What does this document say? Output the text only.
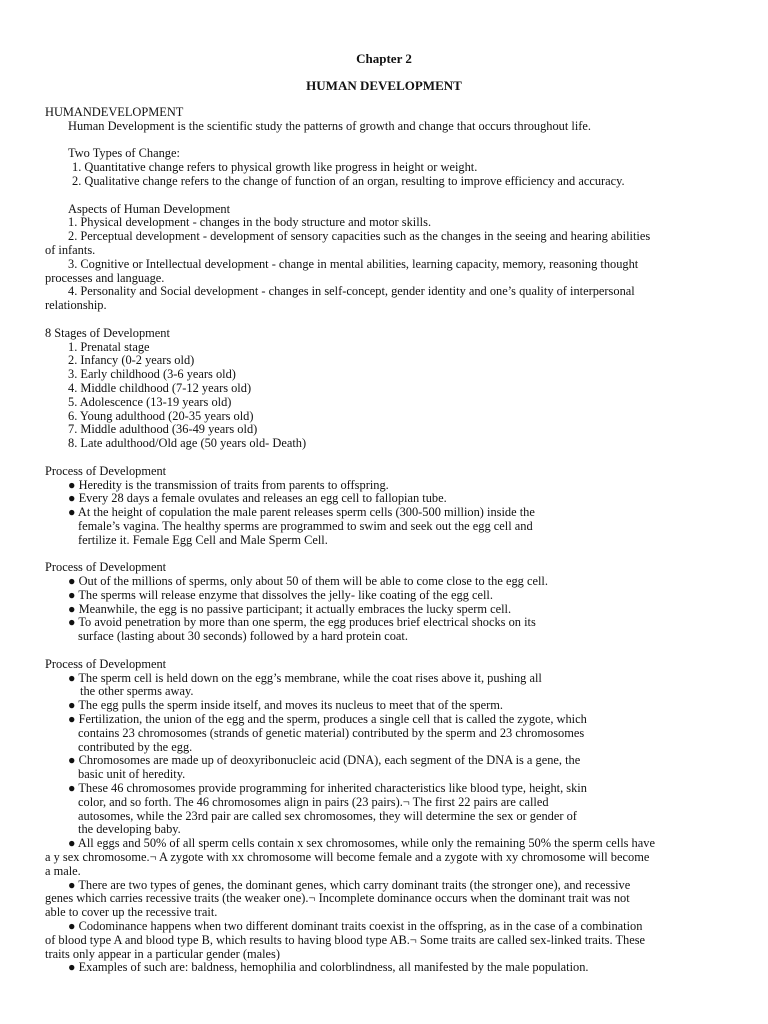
Chapter 2
HUMAN DEVELOPMENT
HUMANDEVELOPMENT
Human Development is the scientific study the patterns of growth and change that occurs throughout life.
Two Types of Change:
1. Quantitative change refers to physical growth like progress in height or weight.
2. Qualitative change refers to the change of function of an organ, resulting to improve efficiency and accuracy.
Aspects of Human Development
1. Physical development - changes in the body structure and motor skills.
2. Perceptual development - development of sensory capacities such as the changes in the seeing and hearing abilities
of infants.
3. Cognitive or Intellectual development - change in mental abilities, learning capacity, memory, reasoning thought
processes and language.
4. Personality and Social development - changes in self-concept, gender identity and one’s quality of interpersonal
relationship.
8 Stages of Development
1. Prenatal stage
2. Infancy (0-2 years old)
3. Early childhood (3-6 years old)
4. Middle childhood (7-12 years old)
5. Adolescence (13-19 years old)
6. Young adulthood (20-35 years old)
7. Middle adulthood (36-49 years old)
8. Late adulthood/Old age (50 years old- Death)
Process of Development
● Heredity is the transmission of traits from parents to offspring.
● Every 28 days a female ovulates and releases an egg cell to fallopian tube.
● At the height of copulation the male parent releases sperm cells (300-500 million) inside the
female’s vagina. The healthy sperms are programmed to swim and seek out the egg cell and
fertilize it. Female Egg Cell and Male Sperm Cell.
Process of Development
● Out of the millions of sperms, only about 50 of them will be able to come close to the egg cell.
● The sperms will release enzyme that dissolves the jelly- like coating of the egg cell.
● Meanwhile, the egg is no passive participant; it actually embraces the lucky sperm cell.
● To avoid penetration by more than one sperm, the egg produces brief electrical shocks on its
surface (lasting about 30 seconds) followed by a hard protein coat.
Process of Development
● The sperm cell is held down on the egg’s membrane, while the coat rises above it, pushing all
the other sperms away.
● The egg pulls the sperm inside itself, and moves its nucleus to meet that of the sperm.
● Fertilization, the union of the egg and the sperm, produces a single cell that is called the zygote, which
contains 23 chromosomes (strands of genetic material) contributed by the sperm and 23 chromosomes
contributed by the egg.
● Chromosomes are made up of deoxyribonucleic acid (DNA), each segment of the DNA is a gene, the
basic unit of heredity.
● These 46 chromosomes provide programming for inherited characteristics like blood type, height, skin
color, and so forth. The 46 chromosomes align in pairs (23 pairs).¬ The first 22 pairs are called
autosomes, while the 23rd pair are called sex chromosomes, they will determine the sex or gender of
the developing baby.
● All eggs and 50% of all sperm cells contain x sex chromosomes, while only the remaining 50% the sperm cells have
a y sex chromosome.¬ A zygote with xx chromosome will become female and a zygote with xy chromosome will become
a male.
● There are two types of genes, the dominant genes, which carry dominant traits (the stronger one), and recessive
genes which carries recessive traits (the weaker one).¬ Incomplete dominance occurs when the dominant trait was not
able to cover up the recessive trait.
● Codominance happens when two different dominant traits coexist in the offspring, as in the case of a combination
of blood type A and blood type B, which results to having blood type AB.¬ Some traits are called sex-linked traits. These
traits only appear in a particular gender (males)
● Examples of such are: baldness, hemophilia and colorblindness, all manifested by the male population.
